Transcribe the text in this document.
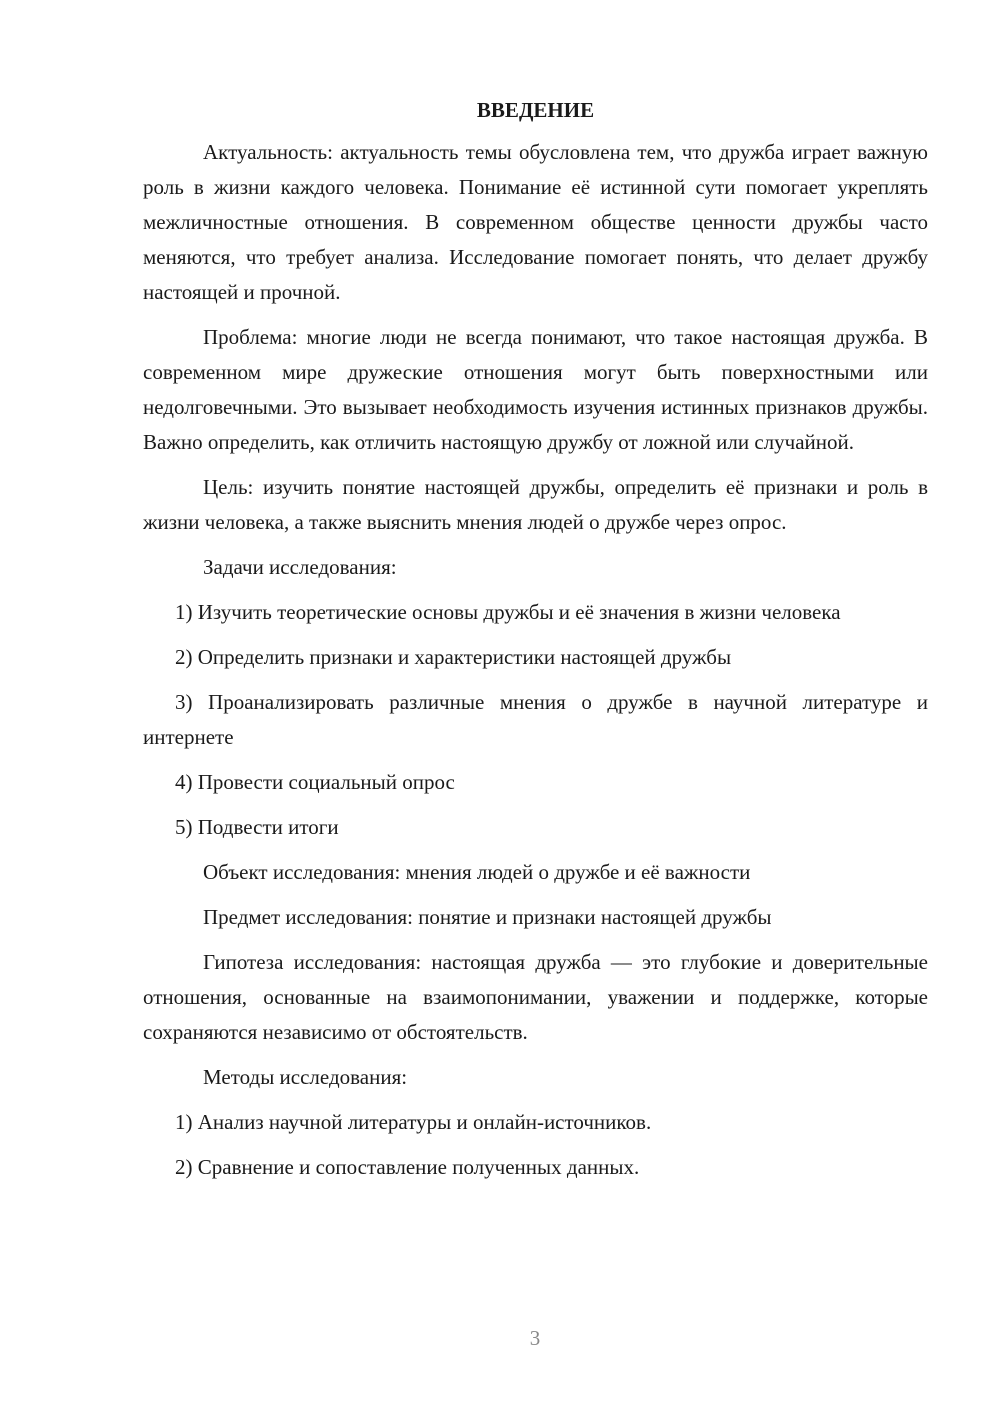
ВВЕДЕНИЕ

Актуальность: актуальность темы обусловлена тем, что дружба играет важную роль в жизни каждого человека. Понимание её истинной сути помогает укреплять межличностные отношения. В современном обществе ценности дружбы часто меняются, что требует анализа. Исследование помогает понять, что делает дружбу настоящей и прочной.

Проблема: многие люди не всегда понимают, что такое настоящая дружба. В современном мире дружеские отношения могут быть поверхностными или недолговечными. Это вызывает необходимость изучения истинных признаков дружбы. Важно определить, как отличить настоящую дружбу от ложной или случайной.

Цель: изучить понятие настоящей дружбы, определить её признаки и роль в жизни человека, а также выяснить мнения людей о дружбе через опрос.

Задачи исследования:

1) Изучить теоретические основы дружбы и её значения в жизни человека

2) Определить признаки и характеристики настоящей дружбы

3) Проанализировать различные мнения о дружбе в научной литературе и интернете

4) Провести социальный опрос

5) Подвести итоги

Объект исследования: мнения людей о дружбе и её важности

Предмет исследования: понятие и признаки настоящей дружбы

Гипотеза исследования: настоящая дружба — это глубокие и доверительные отношения, основанные на взаимопонимании, уважении и поддержке, которые сохраняются независимо от обстоятельств.

Методы исследования:

1) Анализ научной литературы и онлайн-источников.

2) Сравнение и сопоставление полученных данных.

3
